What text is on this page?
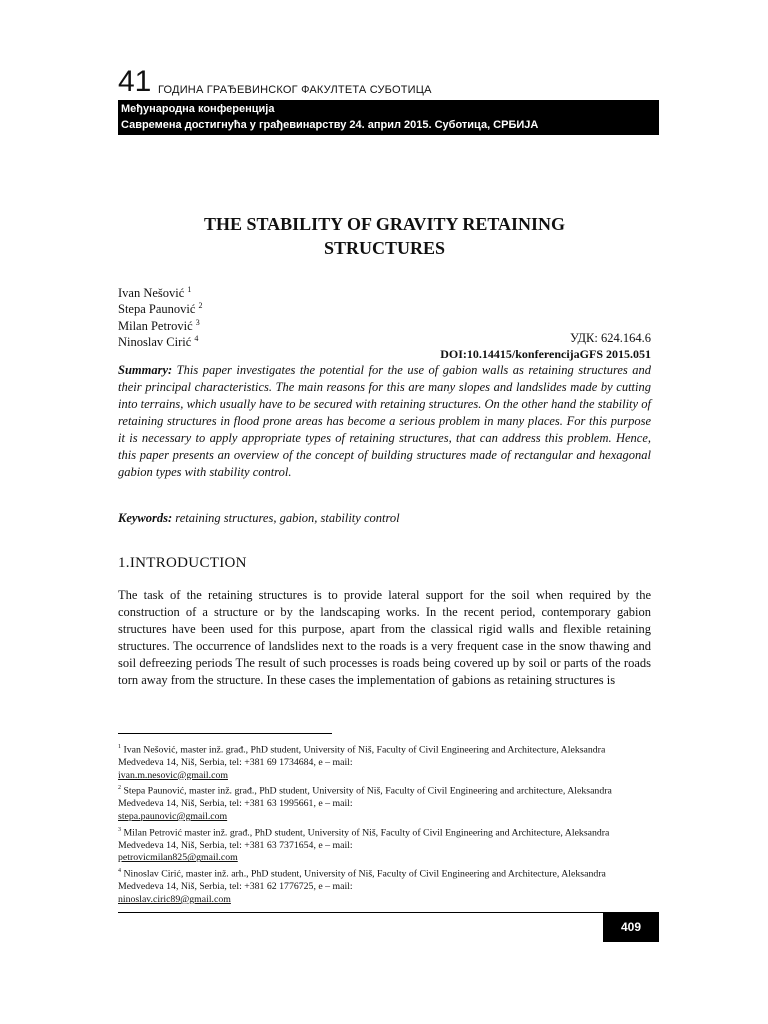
41 ГОДИНА ГРАЂЕВИНСКОГ ФАКУЛТЕТА СУБОТИЦА
Међународна конференција
Савремена достигнућа у грађевинарству 24. април 2015. Суботица, СРБИЈА
THE STABILITY OF GRAVITY RETAINING
STRUCTURES
Ivan Nešović $^1$
Stepa Paunović $^2$
Milan Petrović $^3$
Ninoslav Cirić $^4$	УДК: 624.164.6
DOI:10.14415/konferencijaGFS 2015.051
Summary: This paper investigates the potential for the use of gabion walls as retaining structures and their principal characteristics. The main reasons for this are many slopes and landslides made by cutting into terrains, which usually have to be secured with retaining structures. On the other hand the stability of retaining structures in flood prone areas has become a serious problem in many places. For this purpose it is necessary to apply appropriate types of retaining structures, that can address this problem. Hence, this paper presents an overview of the concept of building structures made of rectangular and hexagonal gabion types with stability control.
Keywords: retaining structures, gabion, stability control
1.INTRODUCTION
The task of the retaining structures is to provide lateral support for the soil when required by the construction of a structure or by the landscaping works. In the recent period, contemporary gabion structures have been used for this purpose, apart from the classical rigid walls and flexible retaining structures. The occurrence of landslides next to the roads is a very frequent case in the snow thawing and soil defreezing periods The result of such processes is roads being covered up by soil or parts of the roads torn away from the structure. In these cases the implementation of gabions as retaining structures is

$^1$ Ivan Nešović, master inž. građ., PhD student, University of Niš, Faculty of Civil Engineering and Architecture, Aleksandra Medvedeva 14, Niš, Serbia, tel: +381 69 1734684, e – mail:
ivan.m.nesovic@gmail.com

$^2$ Stepa Paunović, master inž. građ., PhD student, University of Niš, Faculty of Civil Engineering and architecture, Aleksandra Medvedeva 14, Niš, Serbia, tel: +381 63 1995661, e – mail:
stepa.paunovic@gmail.com

$^3$ Milan Petrović master inž. građ., PhD student, University of Niš, Faculty of Civil Engineering and Architecture, Aleksandra Medvedeva 14, Niš, Serbia, tel: +381 63 7371654, e – mail:
petrovicmilan825@gmail.com

$^4$ Ninoslav Cirić, master inž. arh., PhD student, University of Niš, Faculty of Civil Engineering and Architecture, Aleksandra Medvedeva 14, Niš, Serbia, tel: +381 62 1776725, e – mail:
ninoslav.ciric89@gmail.com

409
